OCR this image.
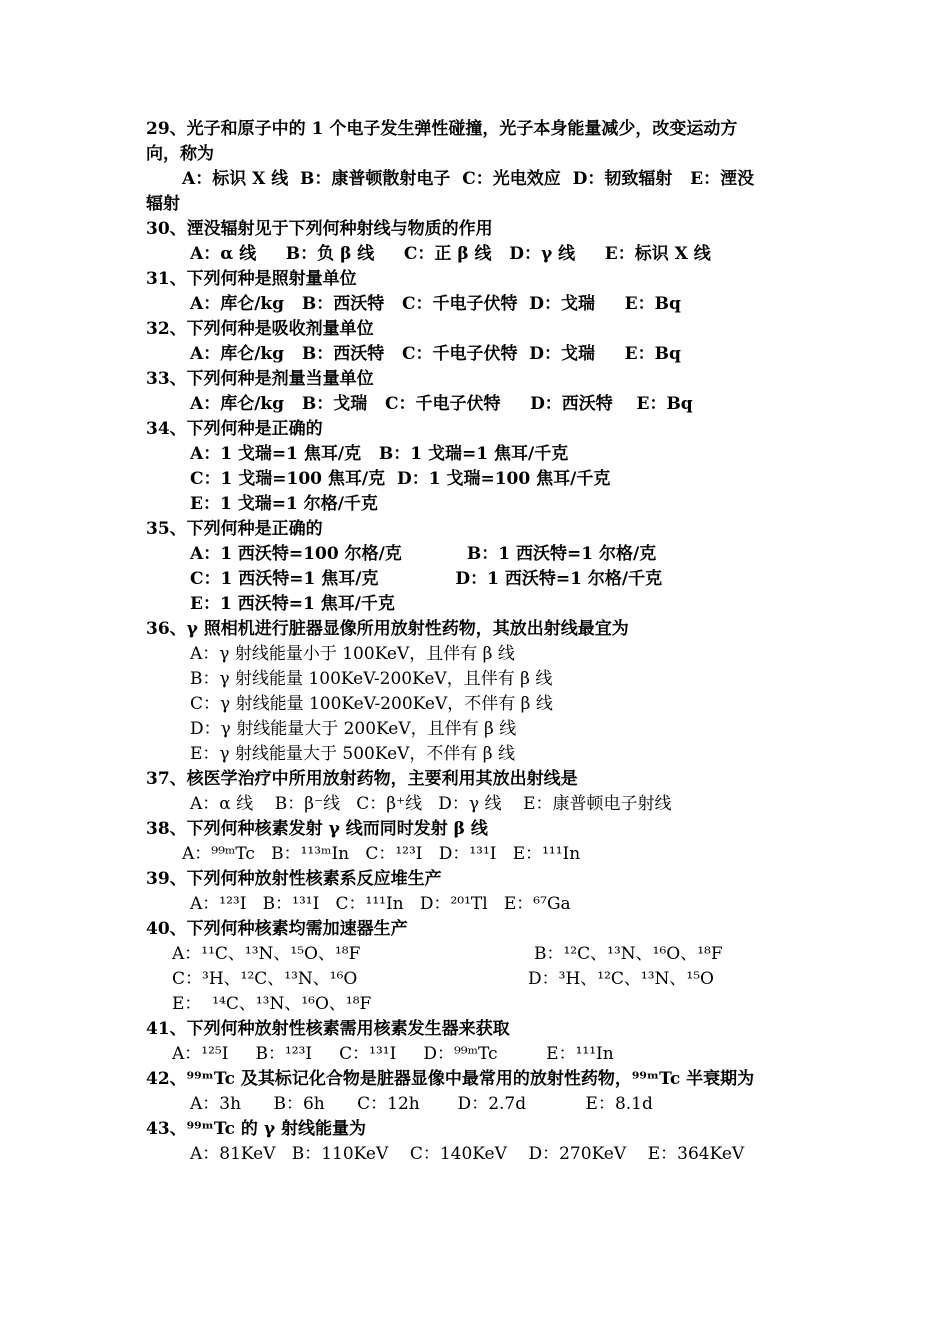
29、光子和原子中的 1 个电子发生弹性碰撞，光子本身能量减少，改变运动方
向，称为
A：标识 X 线  B：康普顿散射电子  C：光电效应  D：韧致辐射   E：湮没
辐射
30、湮没辐射见于下列何种射线与物质的作用
A：α 线     B：负 β 线     C：正 β 线   D：γ 线     E：标识 X 线
31、下列何种是照射量单位
A：库仑/kg   B：西沃特   C：千电子伏特  D：戈瑞     E：Bq
32、下列何种是吸收剂量单位
A：库仑/kg   B：西沃特   C：千电子伏特  D：戈瑞     E：Bq
33、下列何种是剂量当量单位
A：库仑/kg   B：戈瑞   C：千电子伏特     D：西沃特    E：Bq
34、下列何种是正确的
A：1 戈瑞=1 焦耳/克   B：1 戈瑞=1 焦耳/千克
C：1 戈瑞=100 焦耳/克  D：1 戈瑞=100 焦耳/千克
E：1 戈瑞=1 尔格/千克
35、下列何种是正确的
A：1 西沃特=100 尔格/克           B：1 西沃特=1 尔格/克
C：1 西沃特=1 焦耳/克             D：1 西沃特=1 尔格/千克
E：1 西沃特=1 焦耳/千克
36、γ 照相机进行脏器显像所用放射性药物，其放出射线最宜为
A：γ 射线能量小于 100KeV，且伴有 β 线
B：γ 射线能量 100KeV-200KeV，且伴有 β 线
C：γ 射线能量 100KeV-200KeV，不伴有 β 线
D：γ 射线能量大于 200KeV，且伴有 β 线
E：γ 射线能量大于 500KeV，不伴有 β 线
37、核医学治疗中所用放射药物，主要利用其放出射线是
A：α 线    B：β⁻线   C：β⁺线   D：γ 线    E：康普顿电子射线
38、下列何种核素发射 γ 线而同时发射 β 线
A：⁹⁹ᵐTc   B：¹¹³ᵐIn   C：¹²³I   D：¹³¹I   E：¹¹¹In
39、下列何种放射性核素系反应堆生产
A：¹²³I   B：¹³¹I   C：¹¹¹In   D：²⁰¹Tl   E：⁶⁷Ga
40、下列何种核素均需加速器生产
A：¹¹C、¹³N、¹⁵O、¹⁸F	B：¹²C、¹³N、¹⁶O、¹⁸F
C：³H、¹²C、¹³N、¹⁶O	D：³H、¹²C、¹³N、¹⁵O
E：  ¹⁴C、¹³N、¹⁶O、¹⁸F
41、下列何种放射性核素需用核素发生器来获取
A：¹²⁵I     B：¹²³I     C：¹³¹I     D：⁹⁹ᵐTc         E：¹¹¹In
42、⁹⁹ᵐTc 及其标记化合物是脏器显像中最常用的放射性药物，⁹⁹ᵐTc 半衰期为
A：3h      B：6h      C：12h       D：2.7d           E：8.1d
43、⁹⁹ᵐTc 的 γ 射线能量为
A：81KeV   B：110KeV    C：140KeV    D：270KeV    E：364KeV
